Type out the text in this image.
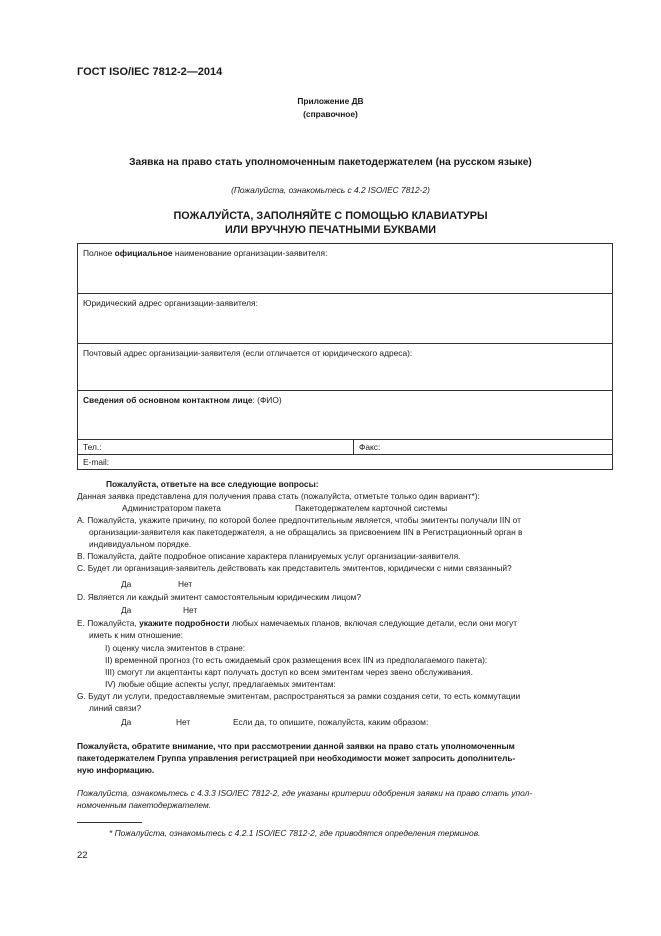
ГОСТ ISO/IEC 7812-2—2014
Приложение ДВ
(справочное)
Заявка на право стать уполномоченным пакетодержателем (на русском языке)
(Пожалуйста, ознакомьтесь с 4.2 ISO/IEC 7812-2)
ПОЖАЛУЙСТА, ЗАПОЛНЯЙТЕ С ПОМОЩЬЮ КЛАВИАТУРЫ
ИЛИ ВРУЧНУЮ ПЕЧАТНЫМИ БУКВАМИ
Полное официальное наименование организации-заявителя:
Юридический адрес организации-заявителя:
Почтовый адрес организации-заявителя (если отличается от юридического адреса):
Сведения об основном контактном лице: (ФИО)
Тел.:	Факс:
E-mail:
Пожалуйста, ответьте на все следующие вопросы:
Данная заявка представлена для получения права стать (пожалуйста, отметьте только один вариант*):
Администратором пакета	Пакетодержателем карточной системы
A. Пожалуйста, укажите причину, по которой более предпочтительным является, чтобы эмитенты получали IIN от
организации-заявителя как пакетодержателя, а не обращались за присвоением IIN в Регистрационный орган в
индивидуальном порядке.
B. Пожалуйста, дайте подробное описание характера планируемых услуг организации-заявителя.
C. Будет ли организация-заявитель действовать как представитель эмитентов, юридически с ними связанный?
Да	Нет
D. Является ли каждый эмитент самостоятельным юридическим лицом?
Да	Нет
E. Пожалуйста, укажите подробности любых намечаемых планов, включая следующие детали, если они могут
иметь к ним отношение:
I) оценку числа эмитентов в стране:
II) временной прогноз (то есть ожидаемый срок размещения всех IIN из предполагаемого пакета):
III) смогут ли акцептанты карт получать доступ ко всем эмитентам через звено обслуживания.
IV) любые общие аспекты услуг, предлагаемых эмитентам:
G. Будут ли услуги, предоставляемые эмитентам, распространяться за рамки создания сети, то есть коммутации
линий связи?
Да	Нет	Если да, то опишите, пожалуйста, каким образом:
Пожалуйста, обратите внимание, что при рассмотрении данной заявки на право стать уполномоченным
пакетодержателем Группа управления регистрацией при необходимости может запросить дополнитель-
ную информацию.
Пожалуйста, ознакомьтесь с 4.3.3 ISO/IEC 7812-2, где указаны критерии одобрения заявки на право стать упол-
номоченным пакетодержателем.
* Пожалуйста, ознакомьтесь с 4.2.1 ISO/IEC 7812-2, где приводятся определения терминов.
22
